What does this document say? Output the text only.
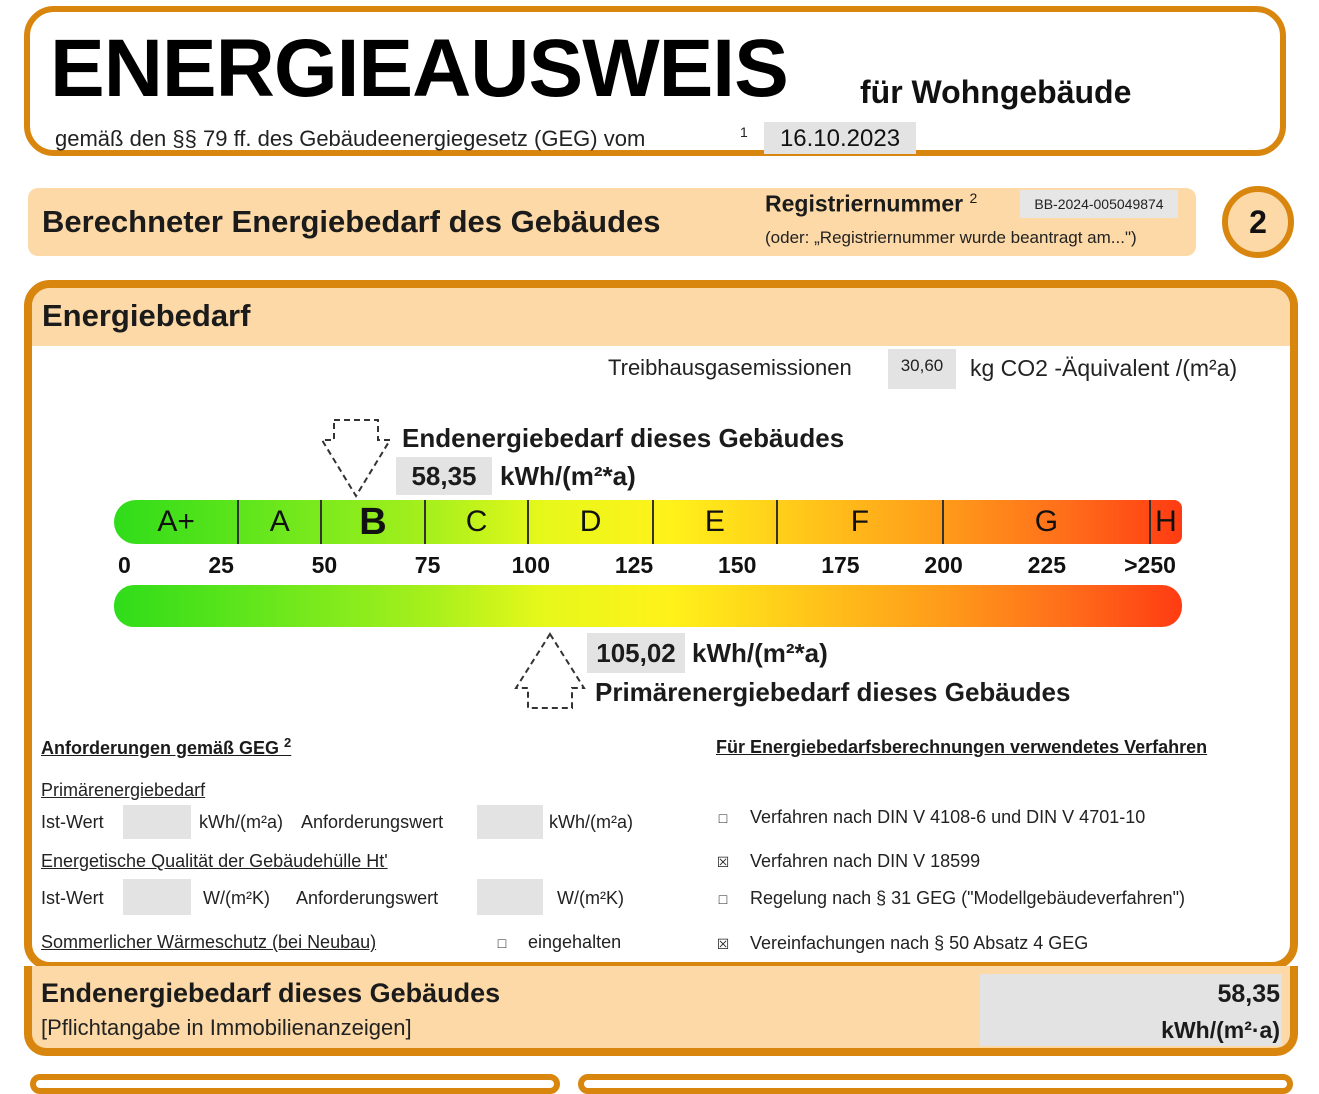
ENERGIEAUSWEIS für Wohngebäude
gemäß den §§ 79 ff. des Gebäudeenergiegesetz (GEG) vom	1	16.10.2023
Berechneter Energiebedarf des Gebäudes
Registriernummer $^2$	BB-2024-005049874
(oder: „Registriernummer wurde beantragt am...")	2
Energiebedarf
Treibhausgasemissionen	30,60	kg CO2 -Äquivalent /(m²a)
Endenergiebedarf dieses Gebäudes
58,35 kWh/(m²*a)
A+	A	B	C	D	E	F	G	H
0	25	50	75	100	125	150	175	200	225	>250
105,02 kWh/(m²*a)
Primärenergiebedarf dieses Gebäudes
Anforderungen gemäß GEG $^2$
Primärenergiebedarf
Ist-Wert	kWh/(m²a) Anforderungswert	kWh/(m²a)
Energetische Qualität der Gebäudehülle Ht'
Ist-Wert	W/(m²K) Anforderungswert	W/(m²K)
Sommerlicher Wärmeschutz (bei Neubau)	□ eingehalten
Für Energiebedarfsberechnungen verwendetes Verfahren
□ Verfahren nach DIN V 4108-6 und DIN V 4701-10
☒ Verfahren nach DIN V 18599
□ Regelung nach § 31 GEG ("Modellgebäudeverfahren")
☒ Vereinfachungen nach § 50 Absatz 4 GEG
Endenergiebedarf dieses Gebäudes
[Pflichtangabe in Immobilienanzeigen]
58,35
kWh/(m²·a)
